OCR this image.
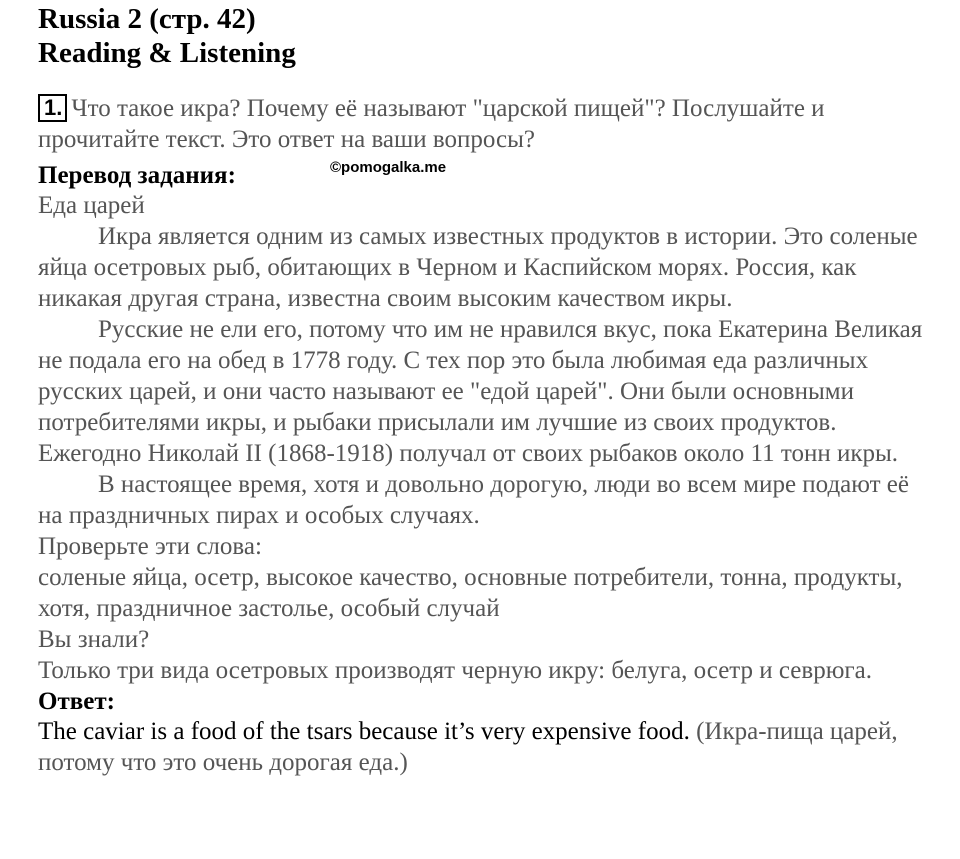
Russia 2 (стр. 42)
Reading & Listening
1. Что такое икра? Почему её называют "царской пищей"? Послушайте и прочитайте текст. Это ответ на ваши вопросы?
Перевод задания:
Еда царей
Икра является одним из самых известных продуктов в истории. Это соленые яйца осетровых рыб, обитающих в Черном и Каспийском морях. Россия, как никакая другая страна, известна своим высоким качеством икры.
Русские не ели его, потому что им не нравился вкус, пока Екатерина Великая не подала его на обед в 1778 году. С тех пор это была любимая еда различных русских царей, и они часто называют ее "едой царей". Они были основными потребителями икры, и рыбаки присылали им лучшие из своих продуктов. Ежегодно Николай II (1868-1918) получал от своих рыбаков около 11 тонн икры.
В настоящее время, хотя и довольно дорогую, люди во всем мире подают её на праздничных пирах и особых случаях.
Проверьте эти слова:
соленые яйца, осетр, высокое качество, основные потребители, тонна, продукты, хотя, праздничное застолье, особый случай
Вы знали?
Только три вида осетровых производят черную икру: белуга, осетр и севрюга.
Ответ:
The caviar is a food of the tsars because it’s very expensive food. (Икра-пища царей, потому что это очень дорогая еда.)
©pomogalka.me
